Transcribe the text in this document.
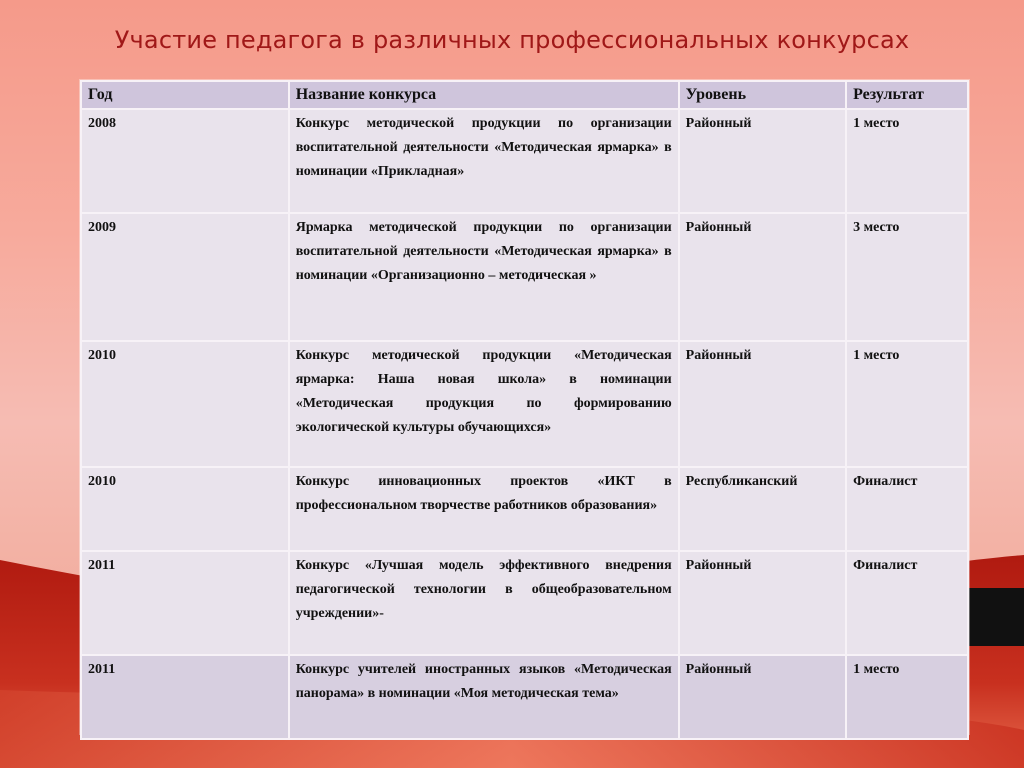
Участие педагога в различных профессиональных конкурсах
Год	Название конкурса	Уровень	Результат
2008	Конкурс методической продукции по организации воспитательной деятельности «Методическая ярмарка» в номинации «Прикладная»	Районный	1 место
2009	Ярмарка методической продукции по организации воспитательной деятельности «Методическая ярмарка» в номинации «Организационно – методическая »	Районный	3 место
2010	Конкурс методической продукции «Методическая ярмарка: Наша новая школа» в номинации «Методическая продукция по формированию экологической культуры обучающихся»	Районный	1 место
2010	Конкурс инновационных проектов «ИКТ в профессиональном творчестве работников образования»	Республиканский	Финалист
2011	Конкурс «Лучшая модель эффективного внедрения педагогической технологии в общеобразовательном учреждении»-	Районный	Финалист
2011	Конкурс учителей иностранных языков «Методическая панорама» в номинации «Моя методическая тема»	Районный	1 место
